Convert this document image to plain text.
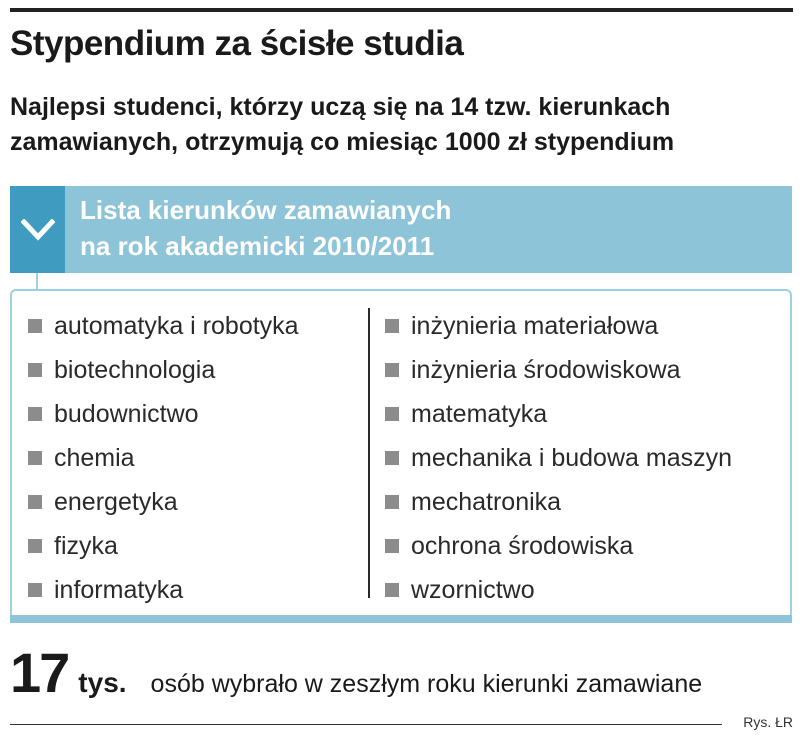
Stypendium za ścisłe studia
Najlepsi studenci, którzy uczą się na 14 tzw. kierunkach zamawianych, otrzymują co miesiąc 1000 zł stypendium
Lista kierunków zamawianych
na rok akademicki 2010/2011
automatyka i robotyka
biotechnologia
budownictwo
chemia
energetyka
fizyka
informatyka
inżynieria materiałowa
inżynieria środowiskowa
matematyka
mechanika i budowa maszyn
mechatronika
ochrona środowiska
wzornictwo
17 tys. osób wybrało w zeszłym roku kierunki zamawiane
Rys. ŁR
